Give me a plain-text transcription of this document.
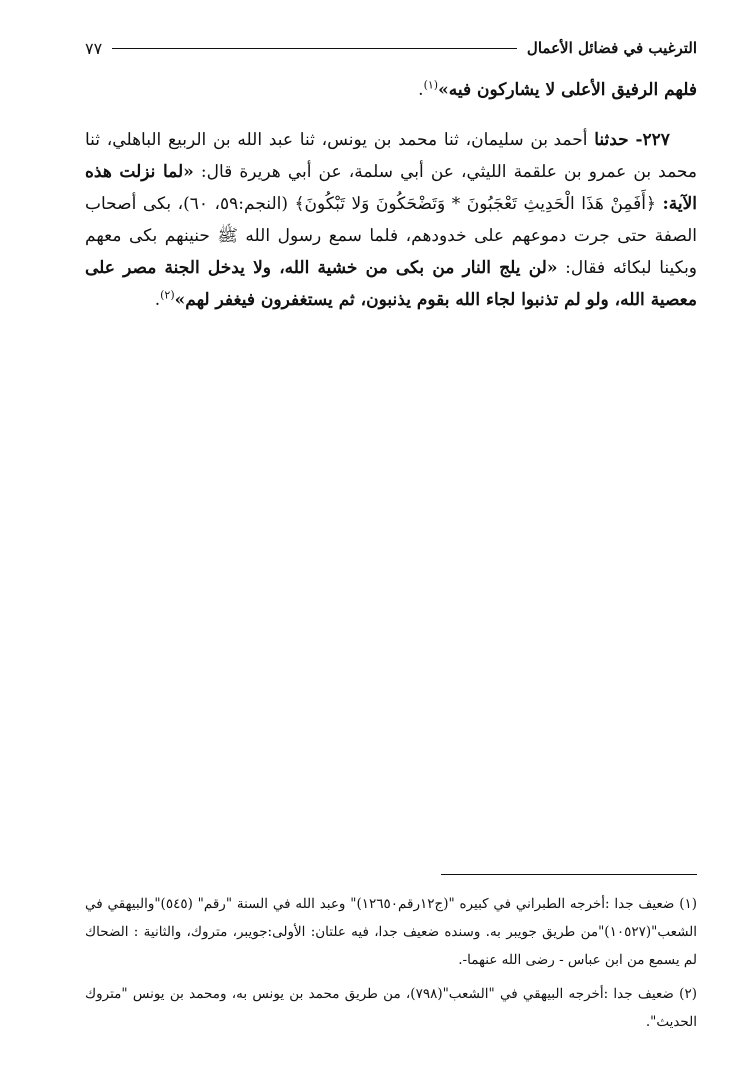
الترغيب في فضائل الأعمال
٧٧
فلهم الرفيق الأعلى لا يشاركون فيه»$^{(١)}$.
٢٢٧- حدثنا أحمد بن سليمان، ثنا محمد بن يونس، ثنا عبد الله بن الربيع الباهلي، ثنا محمد بن عمرو بن علقمة الليثي، عن أبي سلمة، عن أبي هريرة قال: «لما نزلت هذه الآية: ﴿أَفَمِنْ هَذَا الْحَدِيثِ تَعْجَبُونَ * وَتَضْحَكُونَ وَلا تَبْكُونَ﴾ (النجم:٥٩، ٦٠)، بكى أصحاب الصفة حتى جرت دموعهم على خدودهم، فلما سمع رسول الله ﷺ حنينهم بكى معهم وبكينا لبكائه فقال: «لن يلج النار من بكى من خشية الله، ولا يدخل الجنة مصر على معصية الله، ولو لم تذنبوا لجاء الله بقوم يذنبون، ثم يستغفرون فيغفر لهم»$^{(٢)}$.
(١) ضعيف جدا :أخرجه الطبراني في كبيره "(ج١٢رقم١٢٦٥٠)" وعبد الله في السنة "رقم" (٥٤٥)"والبيهقي في الشعب"(١٠٥٢٧)"من طريق جويبر به. وسنده ضعيف جدا، فيه علتان: الأولى:جويبر، متروك، والثانية : الضحاك لم يسمع من ابن عباس - رضى الله عنهما-.
(٢) ضعيف جدا :أخرجه البيهقي في "الشعب"(٧٩٨)، من طريق محمد بن يونس به، ومحمد بن يونس "متروك الحديث".
